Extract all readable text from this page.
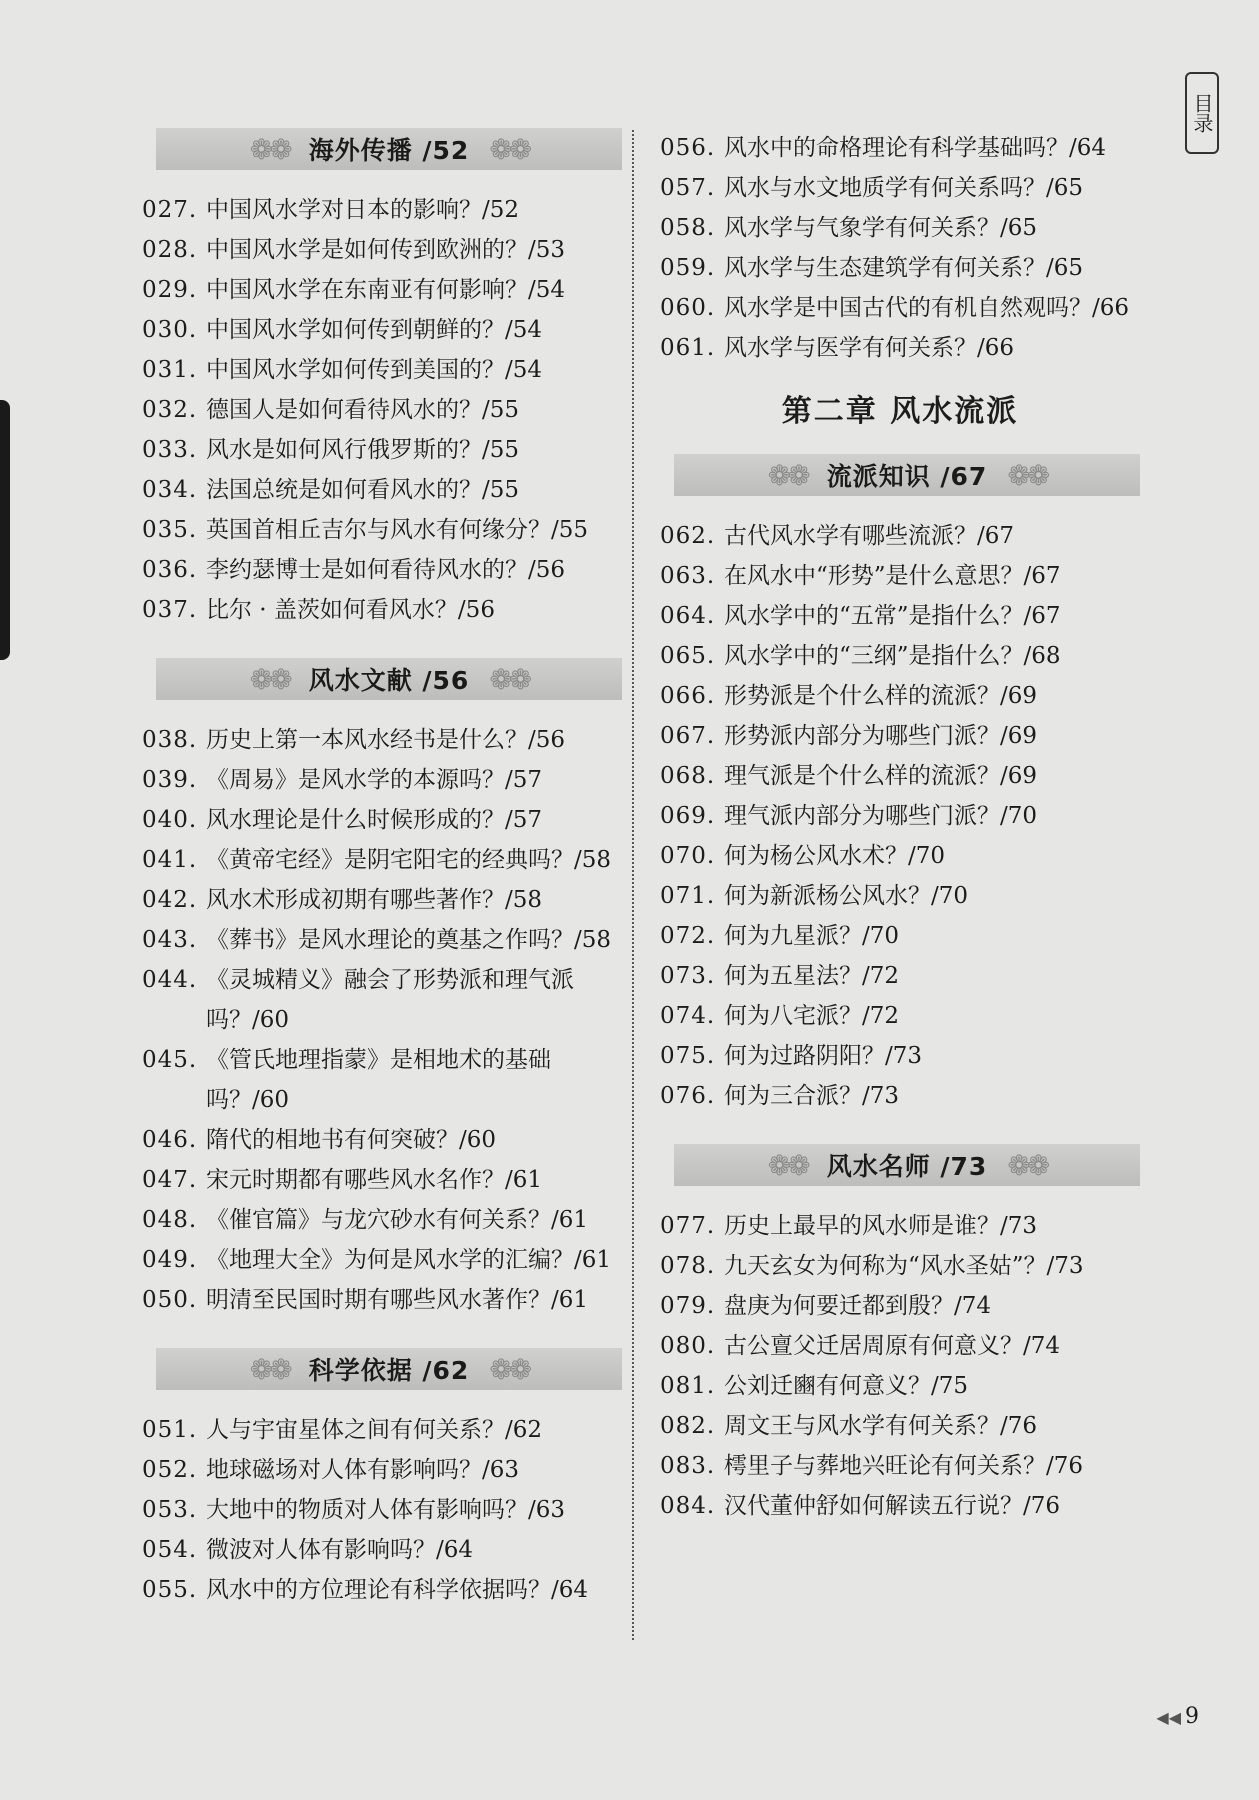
目录
❁❁ 海外传播 /52 ❁❁
027. 中国风水学对日本的影响？/52
028. 中国风水学是如何传到欧洲的？/53
029. 中国风水学在东南亚有何影响？/54
030. 中国风水学如何传到朝鲜的？/54
031. 中国风水学如何传到美国的？/54
032. 德国人是如何看待风水的？/55
033. 风水是如何风行俄罗斯的？/55
034. 法国总统是如何看风水的？/55
035. 英国首相丘吉尔与风水有何缘分？/55
036. 李约瑟博士是如何看待风水的？/56
037. 比尔 · 盖茨如何看风水？/56
❁❁ 风水文献 /56 ❁❁
038. 历史上第一本风水经书是什么？/56
039. 《周易》是风水学的本源吗？/57
040. 风水理论是什么时候形成的？/57
041. 《黄帝宅经》是阴宅阳宅的经典吗？/58
042. 风水术形成初期有哪些著作？/58
043. 《葬书》是风水理论的奠基之作吗？/58
044. 《灵城精义》融会了形势派和理气派吗？/60
045. 《管氏地理指蒙》是相地术的基础吗？/60
046. 隋代的相地书有何突破？/60
047. 宋元时期都有哪些风水名作？/61
048. 《催官篇》与龙穴砂水有何关系？/61
049. 《地理大全》为何是风水学的汇编？/61
050. 明清至民国时期有哪些风水著作？/61
❁❁ 科学依据 /62 ❁❁
051. 人与宇宙星体之间有何关系？/62
052. 地球磁场对人体有影响吗？/63
053. 大地中的物质对人体有影响吗？/63
054. 微波对人体有影响吗？/64
055. 风水中的方位理论有科学依据吗？/64
056. 风水中的命格理论有科学基础吗？/64
057. 风水与水文地质学有何关系吗？/65
058. 风水学与气象学有何关系？/65
059. 风水学与生态建筑学有何关系？/65
060. 风水学是中国古代的有机自然观吗？/66
061. 风水学与医学有何关系？/66
第二章 风水流派
❁❁ 流派知识 /67 ❁❁
062. 古代风水学有哪些流派？/67
063. 在风水中“形势”是什么意思？/67
064. 风水学中的“五常”是指什么？/67
065. 风水学中的“三纲”是指什么？/68
066. 形势派是个什么样的流派？/69
067. 形势派内部分为哪些门派？/69
068. 理气派是个什么样的流派？/69
069. 理气派内部分为哪些门派？/70
070. 何为杨公风水术？/70
071. 何为新派杨公风水？/70
072. 何为九星派？/70
073. 何为五星法？/72
074. 何为八宅派？/72
075. 何为过路阴阳？/73
076. 何为三合派？/73
❁❁ 风水名师 /73 ❁❁
077. 历史上最早的风水师是谁？/73
078. 九天玄女为何称为“风水圣姑”？/73
079. 盘庚为何要迁都到殷？/74
080. 古公亶父迁居周原有何意义？/74
081. 公刘迁豳有何意义？/75
082. 周文王与风水学有何关系？/76
083. 樗里子与葬地兴旺论有何关系？/76
084. 汉代董仲舒如何解读五行说？/76
◀◀ 9
